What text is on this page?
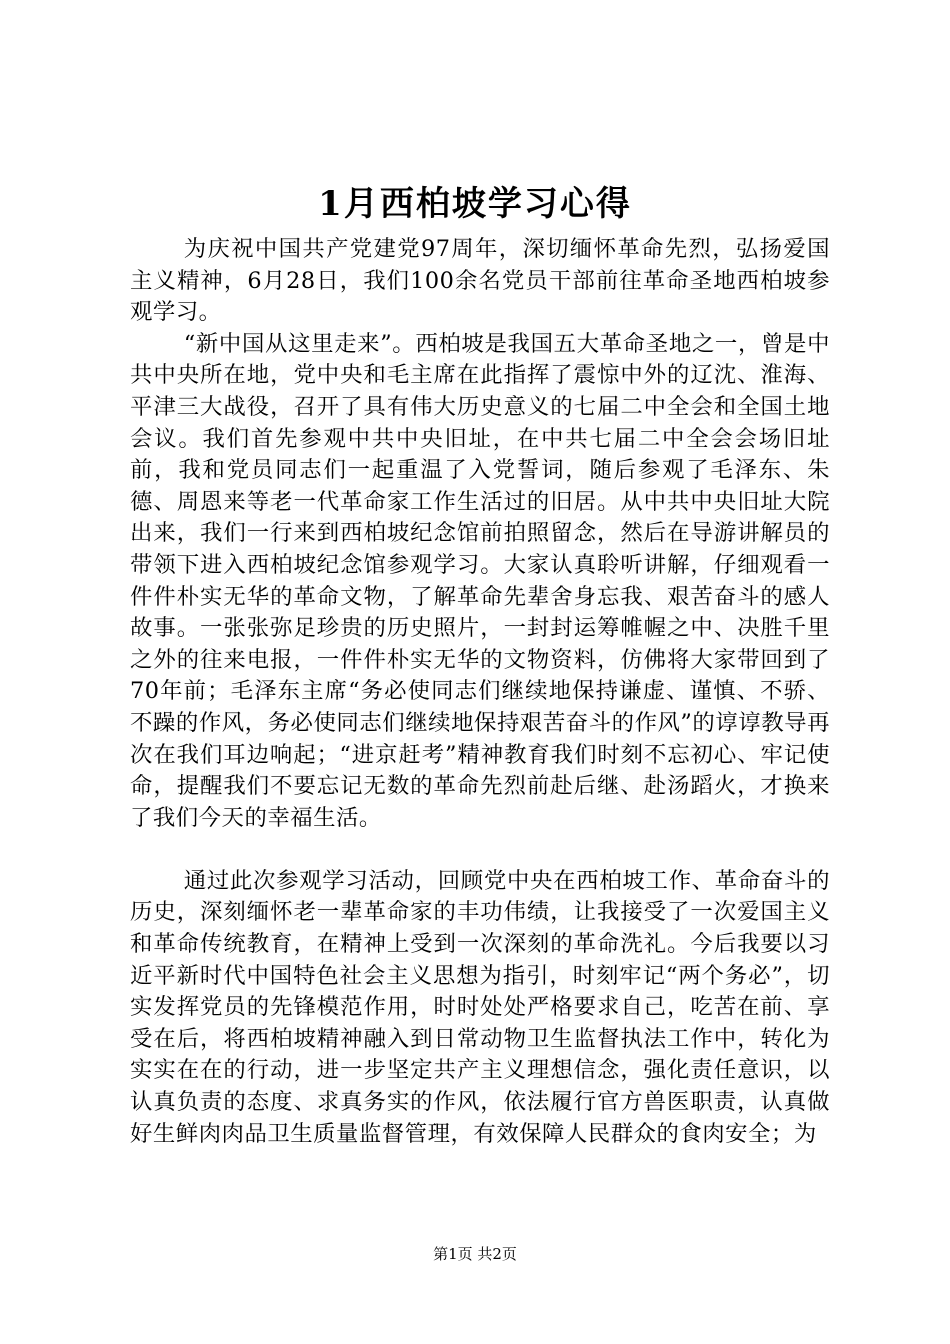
1月西柏坡学习心得

为庆祝中国共产党建党97周年，深切缅怀革命先烈，弘扬爱国主义精神，6月28日，我们100余名党员干部前往革命圣地西柏坡参观学习。

“新中国从这里走来”。西柏坡是我国五大革命圣地之一，曾是中共中央所在地，党中央和毛主席在此指挥了震惊中外的辽沈、淮海、平津三大战役，召开了具有伟大历史意义的七届二中全会和全国土地会议。我们首先参观中共中央旧址，在中共七届二中全会会场旧址前，我和党员同志们一起重温了入党誓词，随后参观了毛泽东、朱德、周恩来等老一代革命家工作生活过的旧居。从中共中央旧址大院出来，我们一行来到西柏坡纪念馆前拍照留念，然后在导游讲解员的带领下进入西柏坡纪念馆参观学习。大家认真聆听讲解，仔细观看一件件朴实无华的革命文物，了解革命先辈舍身忘我、艰苦奋斗的感人故事。一张张弥足珍贵的历史照片，一封封运筹帷幄之中、决胜千里之外的往来电报，一件件朴实无华的文物资料，仿佛将大家带回到了70年前；毛泽东主席“务必使同志们继续地保持谦虚、谨慎、不骄、不躁的作风，务必使同志们继续地保持艰苦奋斗的作风”的谆谆教导再次在我们耳边响起；“进京赶考”精神教育我们时刻不忘初心、牢记使命，提醒我们不要忘记无数的革命先烈前赴后继、赴汤蹈火，才换来了我们今天的幸福生活。

通过此次参观学习活动，回顾党中央在西柏坡工作、革命奋斗的历史，深刻缅怀老一辈革命家的丰功伟绩，让我接受了一次爱国主义和革命传统教育，在精神上受到一次深刻的革命洗礼。今后我要以习近平新时代中国特色社会主义思想为指引，时刻牢记“两个务必”，切实发挥党员的先锋模范作用，时时处处严格要求自己，吃苦在前、享受在后，将西柏坡精神融入到日常动物卫生监督执法工作中，转化为实实在在的行动，进一步坚定共产主义理想信念，强化责任意识，以认真负责的态度、求真务实的作风，依法履行官方兽医职责，认真做好生鲜肉肉品卫生质量监督管理，有效保障人民群众的食肉安全；为

第1页 共2页
